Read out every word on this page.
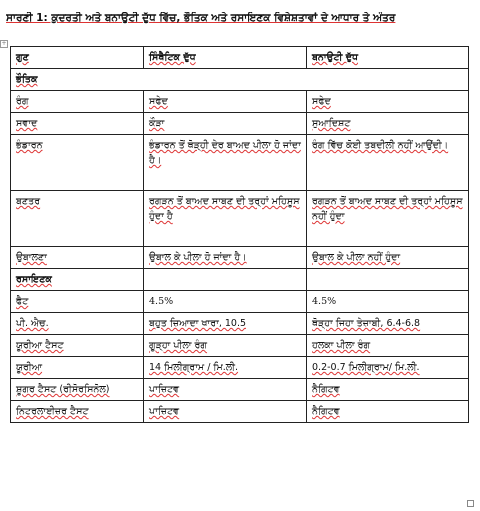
ਸਾਰਣੀ 1: ਕੁਦਰਤੀ ਅਤੇ ਬਨਾਉਟੀ ਦੁੱਧ ਵਿੱਚ, ਭੌਤਿਕ ਅਤੇ ਰਸਾਇਣਕ ਵਿਸ਼ੇਸ਼ਤਾਵਾਂ ਦੇ ਆਧਾਰ ਤੇ ਅੰਤਰ
+
ਗੁਣ	ਸਿੰਥੈਟਿਕ ਦੁੱਧ	ਬਨਾਉਟੀ ਦੁੱਧ
ਭੌਤਿਕ		
ਰੰਗ	ਸਫੇਦ	ਸਫੇਦ
ਸਵਾਦ	ਕੌੜਾ	ਸੁਆਦਿਸ਼ਟ
ਭੰਡਾਰਨ	ਭੰਡਾਰਨ ਤੋਂ ਥੋੜ੍ਹੀ ਦੇਰ ਬਾਅਦ ਪੀਲਾ ਹੋ ਜਾਂਦਾ ਹੈ।	ਰੰਗ ਵਿੱਚ ਕੋਈ ਤਬਦੀਲੀ ਨਹੀਂ ਆਉਂਦੀ।
ਬਣਤਰ	ਰਗੜਨ ਤੋਂ ਬਾਅਦ ਸਾਬਣ ਦੀ ਤਰ੍ਹਾਂ ਮਹਿਸੂਸ ਹੁੰਦਾ ਹੈ	ਰਗੜਨ ਤੋਂ ਬਾਅਦ ਸਾਬਣ ਦੀ ਤਰ੍ਹਾਂ ਮਹਿਸੂਸ ਨਹੀਂ ਹੁੰਦਾ
ਉਬਾਲਣਾ	ਉਬਾਲ ਕੇ ਪੀਲਾ ਹੋ ਜਾਂਦਾ ਹੈ।	ਉਬਾਲ ਕੇ ਪੀਲਾ ਨਹੀਂ ਹੁੰਦਾ
ਰਸਾਇਣਕ		
ਫੈਟ	4.5%	4.5%
ਪੀ. ਐਚ.	ਬਹੁਤ ਜ਼ਿਆਦਾ ਖਾਰਾ, 10.5	ਥੋੜ੍ਹਾ ਜਿਹਾ ਤੇਜ਼ਾਬੀ, 6.4-6.8
ਯੂਰੀਆ ਟੈਸਟ	ਗੂੜ੍ਹਾ ਪੀਲਾ ਰੰਗ	ਹਲਕਾ ਪੀਲਾ ਰੰਗ
ਯੂਰੀਆ	14 ਮਿਲੀਗ੍ਰਾਮ / ਮਿ.ਲੀ.	0.2-0.7 ਮਿਲੀਗ੍ਰਾਮ/ ਮਿ.ਲੀ.
ਸ਼ੂਗਰ ਟੈਸਟ (ਰੀਸੋਰਸਿਨੋਲ)	ਪਾਜ਼ਿਟਵ	ਨੈਗਿਟਵ
ਨਿਟਰਲਾਈਜ਼ਰ ਟੈਸਟ	ਪਾਜ਼ਿਟਵ	ਨੈਗਿਟਵ
